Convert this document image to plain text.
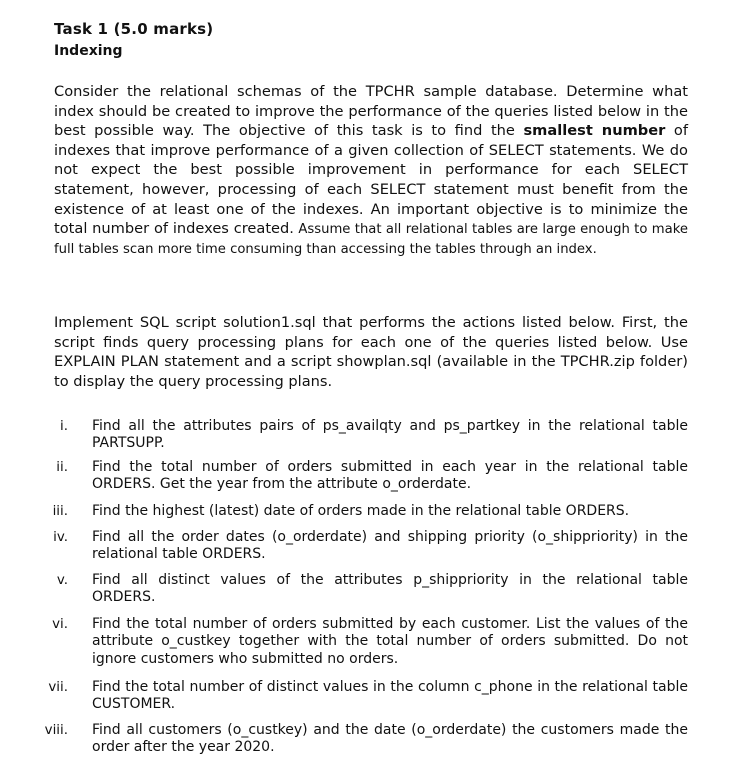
Task 1 (5.0 marks)
Indexing
Consider the relational schemas of the TPCHR sample database. Determine what index should be created to improve the performance of the queries listed below in the best possible way. The objective of this task is to find the smallest number of indexes that improve performance of a given collection of SELECT statements. We do not expect the best possible improvement in performance for each SELECT statement, however, processing of each SELECT statement must benefit from the existence of at least one of the indexes. An important objective is to minimize the total number of indexes created. Assume that all relational tables are large enough to make full tables scan more time consuming than accessing the tables through an index.
Implement SQL script solution1.sql that performs the actions listed below. First, the script finds query processing plans for each one of the queries listed below. Use EXPLAIN PLAN statement and a script showplan.sql (available in the TPCHR.zip folder) to display the query processing plans.
i. Find all the attributes pairs of ps_availqty and ps_partkey in the relational table PARTSUPP.
ii. Find the total number of orders submitted in each year in the relational table ORDERS. Get the year from the attribute o_orderdate.
iii. Find the highest (latest) date of orders made in the relational table ORDERS.
iv. Find all the order dates (o_orderdate) and shipping priority (o_shippriority) in the relational table ORDERS.
v. Find all distinct values of the attributes p_shippriority in the relational table ORDERS.
vi. Find the total number of orders submitted by each customer. List the values of the attribute o_custkey together with the total number of orders submitted. Do not ignore customers who submitted no orders.
vii. Find the total number of distinct values in the column c_phone in the relational table CUSTOMER.
viii. Find all customers (o_custkey) and the date (o_orderdate) the customers made the order after the year 2020.
